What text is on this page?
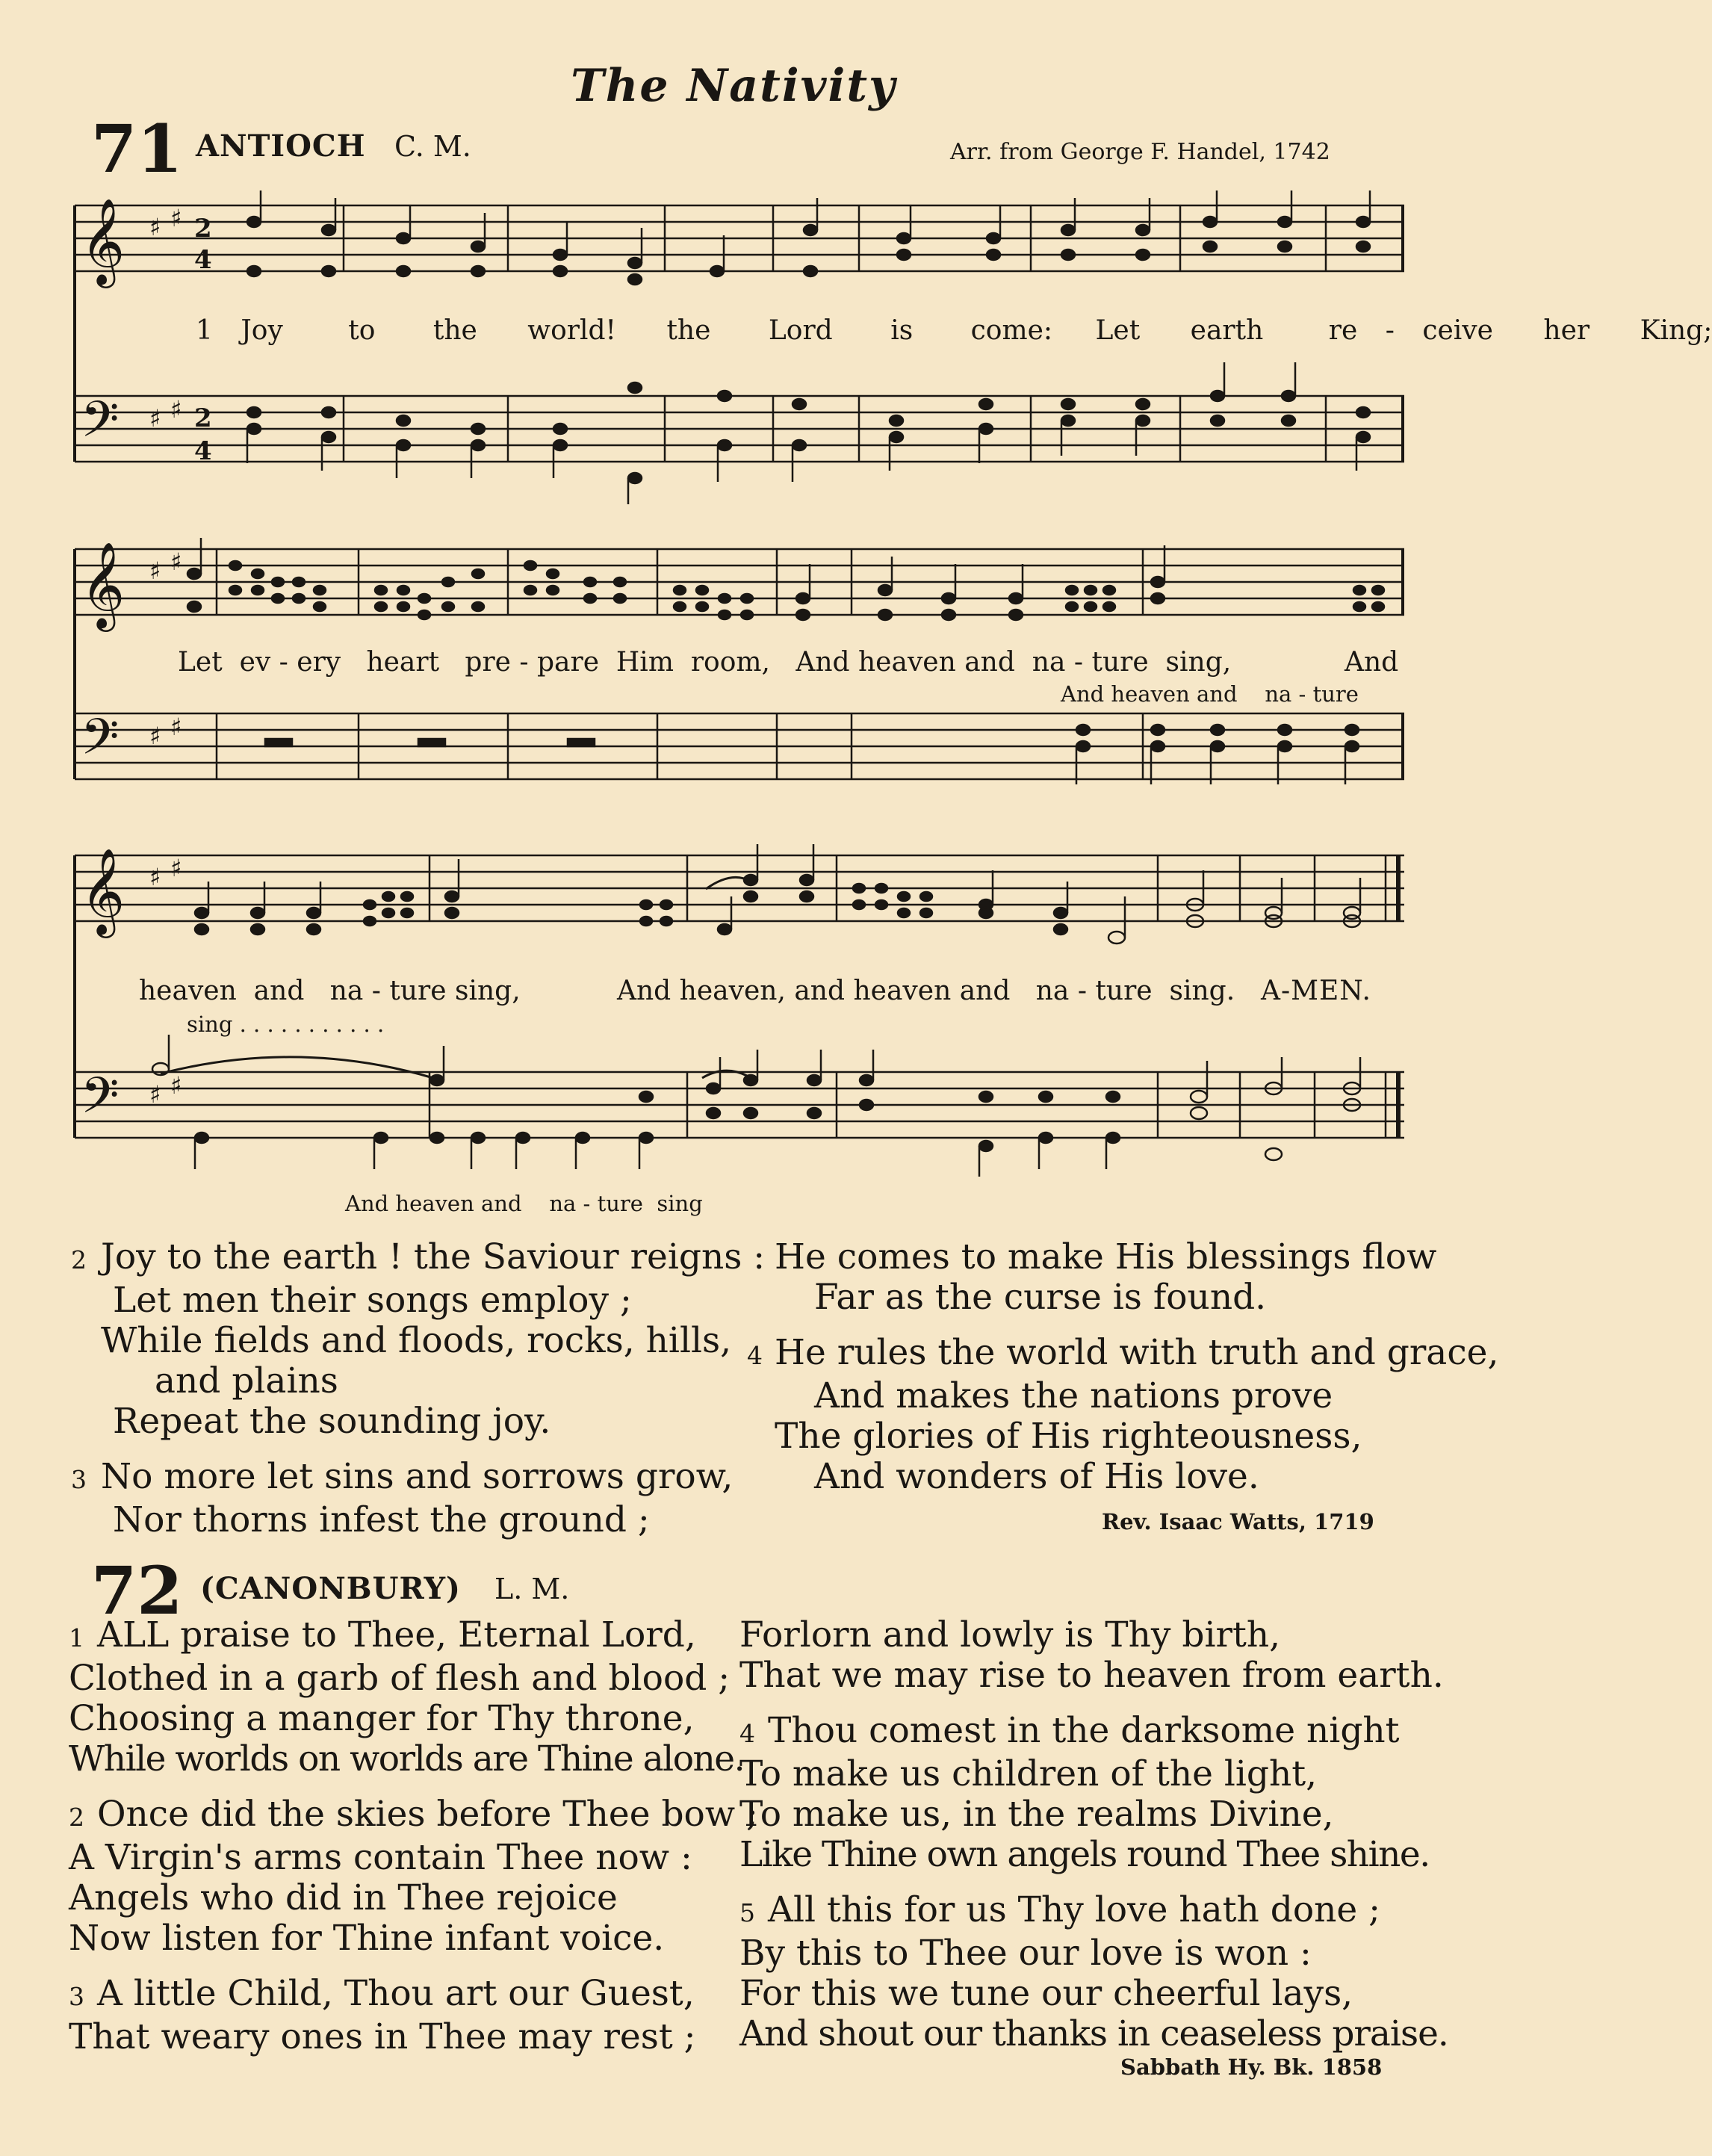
The Nativity
71 ANTIOCH C. M.	Arr. from George F. Handel, 1742
𝄞 ♯ ♯ 2
4
𝄢 ♯ ♯ 2
4
1 Joy to the world! the Lord is come: Let earth re - ceive her King;
𝄞 ♯ ♯
𝄢 ♯ ♯
Let  ev - ery   heart   pre - pare  Him  room,   And heaven and  na - ture  sing,	And
And heaven and    na - ture
𝄞 ♯ ♯
𝄢 ♯ ♯
heaven  and   na - ture sing,	And heaven, and heaven and   na - ture  sing. A-MEN.
sing . . . . . . . . . . .
And heaven and    na - ture  sing
2 Joy to the earth ! the Saviour reigns :
Let men their songs employ ;
While fields and floods, rocks, hills,
and plains
Repeat the sounding joy.
3 No more let sins and sorrows grow,
Nor thorns infest the ground ;
He comes to make His blessings flow
Far as the curse is found.
4 He rules the world with truth and grace,
And makes the nations prove
The glories of His righteousness,
And wonders of His love.
Rev. Isaac Watts, 1719
72 (CANONBURY) L. M.
1 ALL praise to Thee, Eternal Lord,
Clothed in a garb of flesh and blood ;
Choosing a manger for Thy throne,
While worlds on worlds are Thine alone.
2 Once did the skies before Thee bow ;
A Virgin's arms contain Thee now :
Angels who did in Thee rejoice
Now listen for Thine infant voice.
3 A little Child, Thou art our Guest,
That weary ones in Thee may rest ;
Forlorn and lowly is Thy birth,
That we may rise to heaven from earth.
4 Thou comest in the darksome night
To make us children of the light,
To make us, in the realms Divine,
Like Thine own angels round Thee shine.
5 All this for us Thy love hath done ;
By this to Thee our love is won :
For this we tune our cheerful lays,
And shout our thanks in ceaseless praise.
Sabbath Hy. Bk. 1858
